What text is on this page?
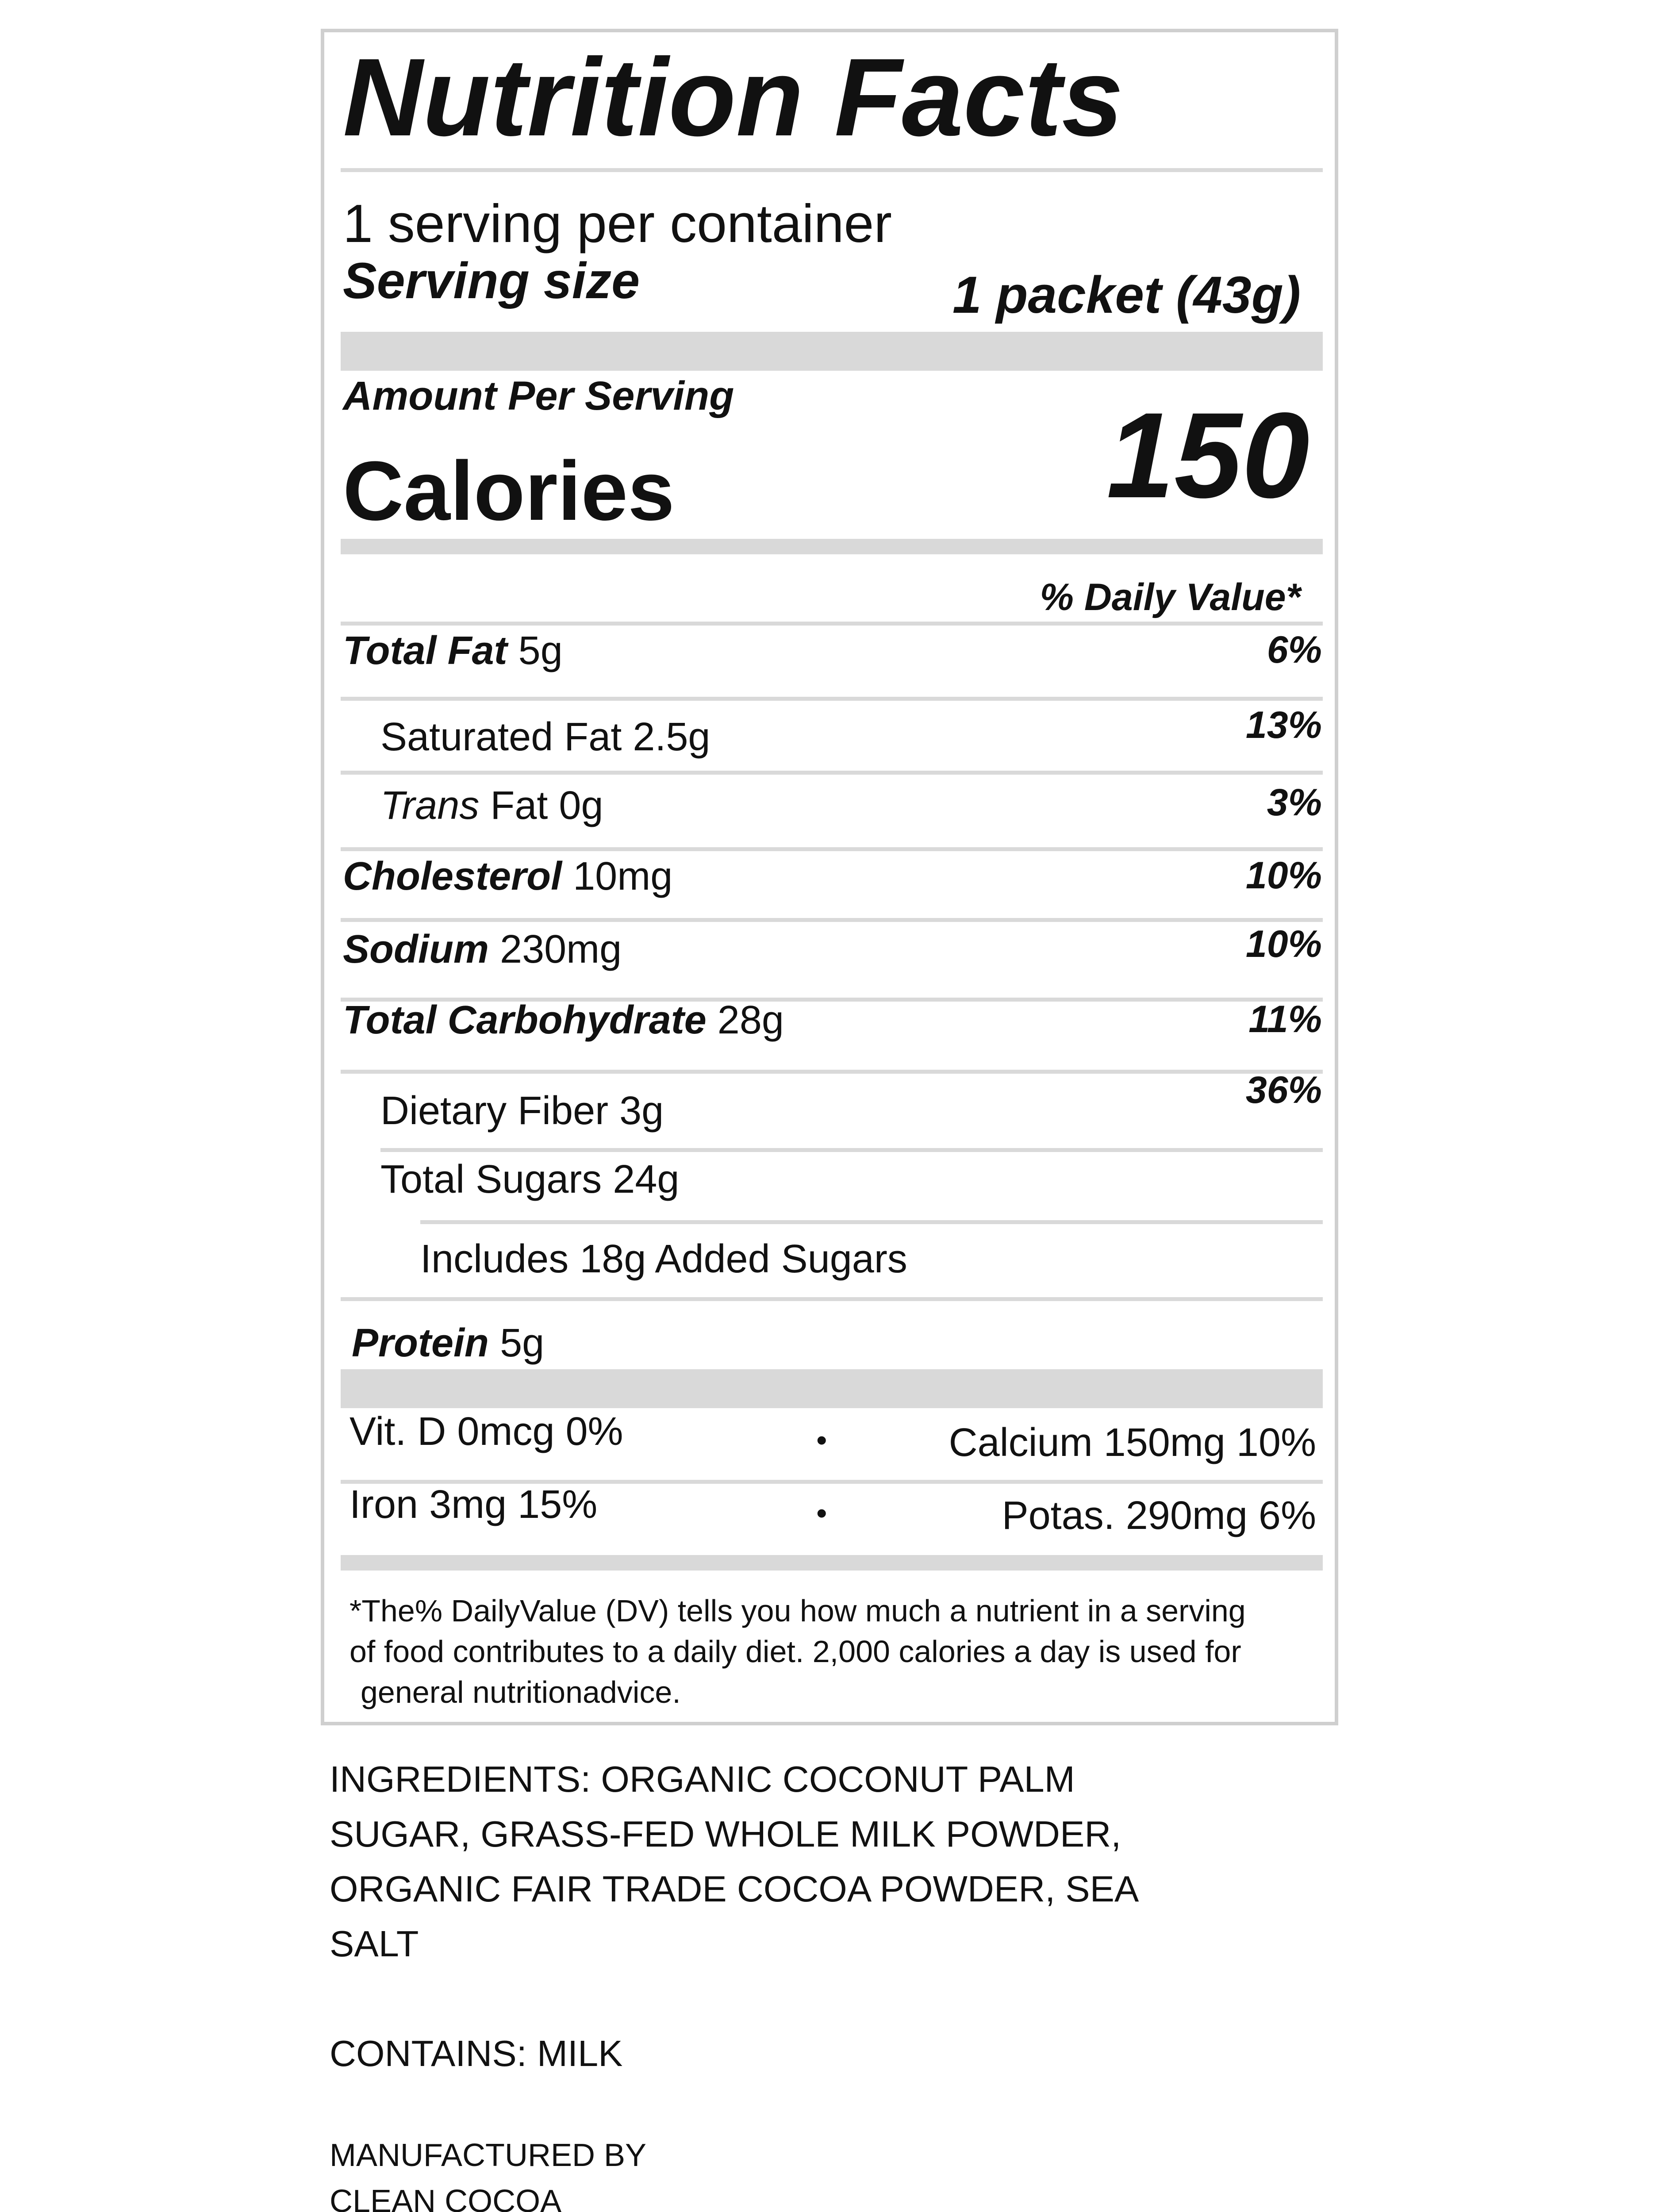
Nutrition Facts
1 serving per container
Serving size	1 packet (43g)
Amount Per Serving
Calories	150
% Daily Value*
Total Fat 5g	6%
Saturated Fat 2.5g	13%
Trans Fat 0g	3%
Cholesterol 10mg	10%
Sodium 230mg	10%
Total Carbohydrate 28g	11%
Dietary Fiber 3g	36%
Total Sugars 24g
Includes 18g Added Sugars
Protein 5g
Vit. D 0mcg 0%	•	Calcium 150mg 10%
Iron 3mg 15%	•	Potas. 290mg 6%
*The% DailyValue (DV) tells you how much a nutrient in a serving
of food contributes to a daily diet. 2,000 calories a day is used for
general nutritionadvice.
INGREDIENTS: ORGANIC COCONUT PALM
SUGAR, GRASS-FED WHOLE MILK POWDER,
ORGANIC FAIR TRADE COCOA POWDER, SEA
SALT
CONTAINS: MILK
MANUFACTURED BY
CLEAN COCOA
